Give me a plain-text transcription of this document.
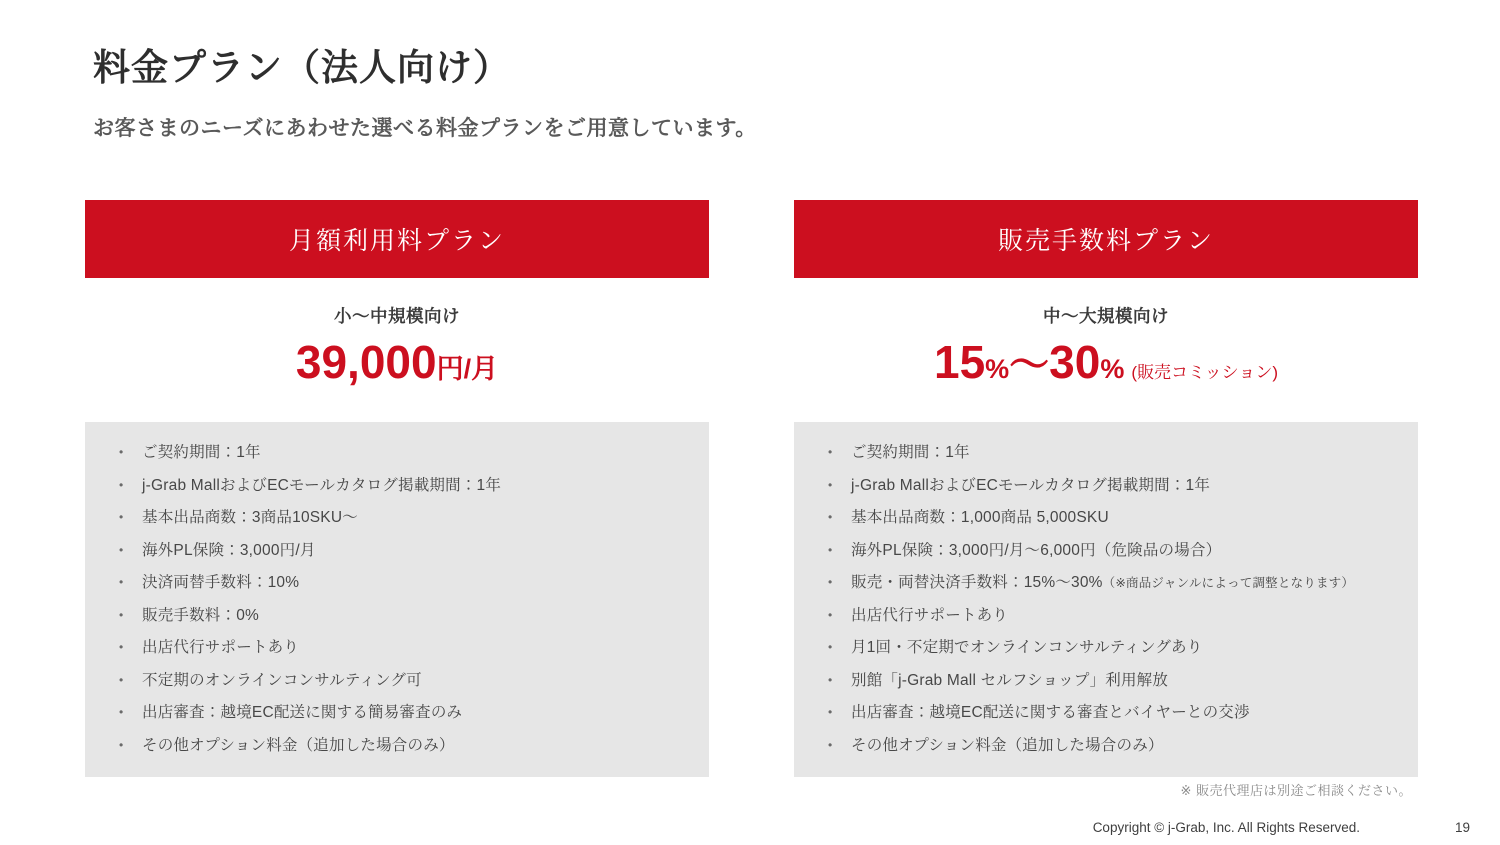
料金プラン（法人向け）
お客さまのニーズにあわせた選べる料金プランをご用意しています。
月額利用料プラン
小〜中規模向け
39,000円/月
• ご契約期間：1年
• j-Grab MallおよびECモールカタログ掲載期間：1年
• 基本出品商数：3商品10SKU〜
• 海外PL保険：3,000円/月
• 決済両替手数料：10%
• 販売手数料：0%
• 出店代行サポートあり
• 不定期のオンラインコンサルティング可
• 出店審査：越境EC配送に関する簡易審査のみ
• その他オプション料金（追加した場合のみ）
販売手数料プラン
中〜大規模向け
15%〜30% (販売コミッション)
• ご契約期間：1年
• j-Grab MallおよびECモールカタログ掲載期間：1年
• 基本出品商数：1,000商品 5,000SKU
• 海外PL保険：3,000円/月〜6,000円（危険品の場合）
• 販売・両替決済手数料：15%〜30%（※商品ジャンルによって調整となります）
• 出店代行サポートあり
• 月1回・不定期でオンラインコンサルティングあり
• 別館「j-Grab Mall セルフショップ」利用解放
• 出店審査：越境EC配送に関する審査とバイヤーとの交渉
• その他オプション料金（追加した場合のみ）
※ 販売代理店は別途ご相談ください。
Copyright © j-Grab, Inc. All Rights Reserved.	19
